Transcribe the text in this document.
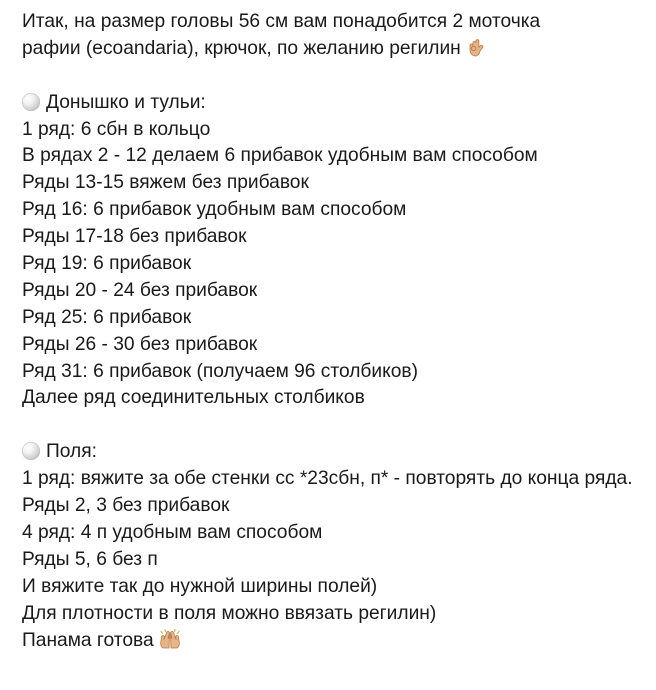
Итак, на размер головы 56 см вам понадобится 2 моточка
рафии (ecoandaria), крючок, по желанию регилин
Донышко и тульи:
1 ряд: 6 сбн в кольцо
В рядах 2 - 12 делаем 6 прибавок удобным вам способом
Ряды 13-15 вяжем без прибавок
Ряд 16: 6 прибавок удобным вам способом
Ряды 17-18 без прибавок
Ряд 19: 6 прибавок
Ряды 20 - 24 без прибавок
Ряд 25: 6 прибавок
Ряды 26 - 30 без прибавок
Ряд 31: 6 прибавок (получаем 96 столбиков)
Далее ряд соединительных столбиков
Поля:
1 ряд: вяжите за обе стенки сс *23сбн, п* - повторять до конца ряда.
Ряды 2, 3 без прибавок
4 ряд: 4 п удобным вам способом
Ряды 5, 6 без п
И вяжите так до нужной ширины полей)
Для плотности в поля можно ввязать регилин)
Панама готова
